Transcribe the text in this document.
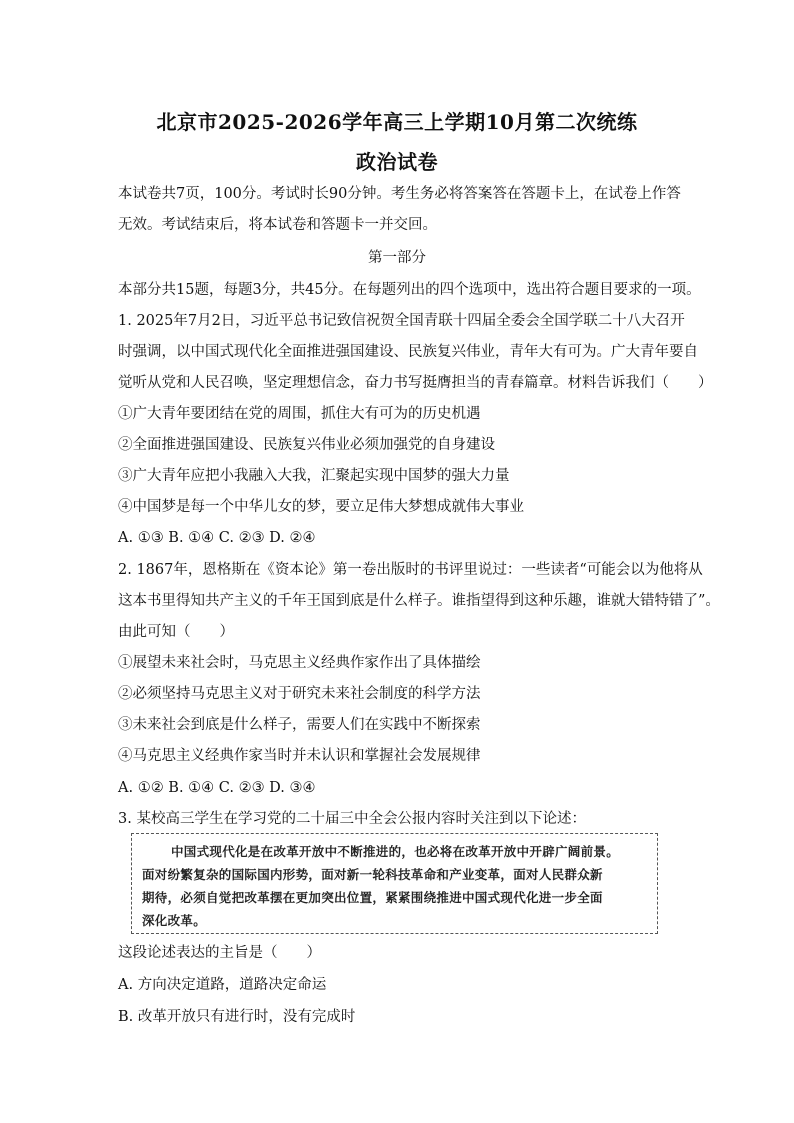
北京市2025-2026学年高三上学期10月第二次统练
政治试卷
本试卷共7页，100分。考试时长90分钟。考生务必将答案答在答题卡上，在试卷上作答
无效。考试结束后，将本试卷和答题卡一并交回。
第一部分
本部分共15题，每题3分，共45分。在每题列出的四个选项中，选出符合题目要求的一项。
1. 2025年7月2日，习近平总书记致信祝贺全国青联十四届全委会全国学联二十八大召开
时强调，以中国式现代化全面推进强国建设、民族复兴伟业，青年大有可为。广大青年要自
觉听从党和人民召唤，坚定理想信念，奋力书写挺膺担当的青春篇章。材料告诉我们（　　）
①广大青年要团结在党的周围，抓住大有可为的历史机遇
②全面推进强国建设、民族复兴伟业必须加强党的自身建设
③广大青年应把小我融入大我，汇聚起实现中国梦的强大力量
④中国梦是每一个中华儿女的梦，要立足伟大梦想成就伟大事业
A. ①③ B. ①④ C. ②③ D. ②④
2. 1867年，恩格斯在《资本论》第一卷出版时的书评里说过：一些读者“可能会以为他将从
这本书里得知共产主义的千年王国到底是什么样子。谁指望得到这种乐趣，谁就大错特错了”。
由此可知（　　）
①展望未来社会时，马克思主义经典作家作出了具体描绘
②必须坚持马克思主义对于研究未来社会制度的科学方法
③未来社会到底是什么样子，需要人们在实践中不断探索
④马克思主义经典作家当时并未认识和掌握社会发展规律
A. ①② B. ①④ C. ②③ D. ③④
3. 某校高三学生在学习党的二十届三中全会公报内容时关注到以下论述：
中国式现代化是在改革开放中不断推进的，也必将在改革开放中开辟广阔前景。
面对纷繁复杂的国际国内形势，面对新一轮科技革命和产业变革，面对人民群众新
期待，必须自觉把改革摆在更加突出位置，紧紧围绕推进中国式现代化进一步全面
深化改革。
这段论述表达的主旨是（　　）
A. 方向决定道路，道路决定命运
B. 改革开放只有进行时，没有完成时
